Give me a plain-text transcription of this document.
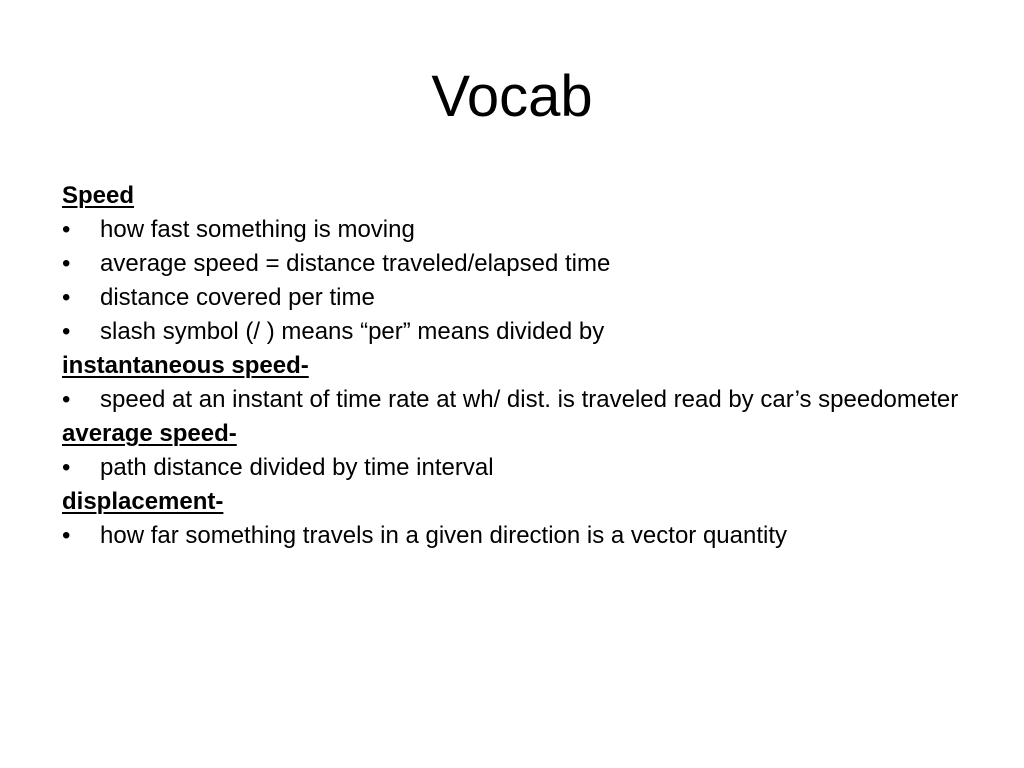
Vocab

Speed

• how fast something is moving

• average speed = distance traveled/elapsed time

• distance covered per time

• slash symbol (/ ) means “per” means divided by

instantaneous speed-

• speed at an instant of time rate at wh/ dist. is traveled read by car’s speedometer

average speed-

• path distance divided by time interval

displacement-

• how far something travels in a given direction is a vector quantity
